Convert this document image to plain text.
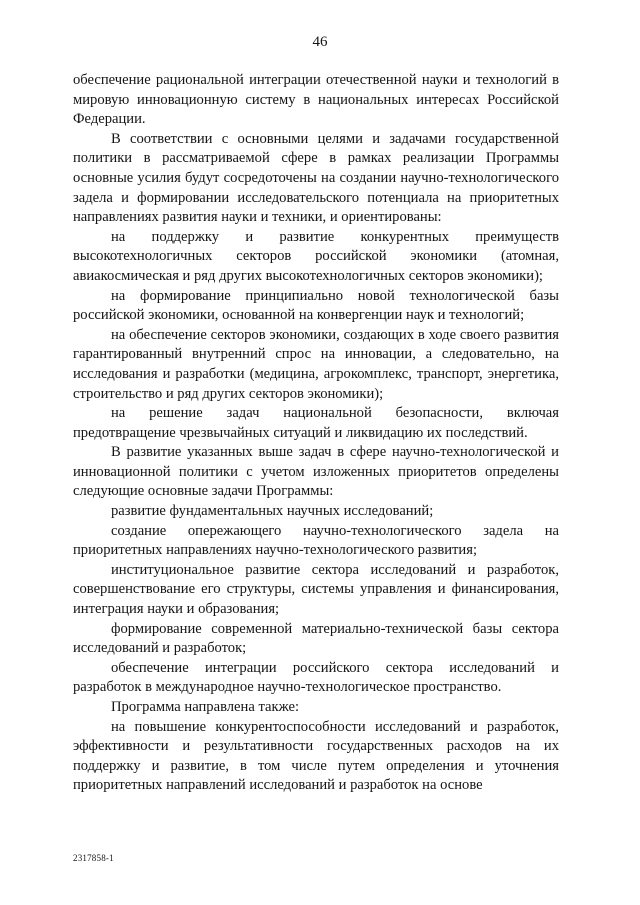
46

обеспечение рациональной интеграции отечественной науки и технологий в мировую инновационную систему в национальных интересах Российской Федерации.

В соответствии с основными целями и задачами государственной политики в рассматриваемой сфере в рамках реализации Программы основные усилия будут сосредоточены на создании научно-технологического задела и формировании исследовательского потенциала на приоритетных направлениях развития науки и техники, и ориентированы:

на поддержку и развитие конкурентных преимуществ высокотехнологичных секторов российской экономики (атомная, авиакосмическая и ряд других высокотехнологичных секторов экономики);

на формирование принципиально новой технологической базы российской экономики, основанной на конвергенции наук и технологий;

на обеспечение секторов экономики, создающих в ходе своего развития гарантированный внутренний спрос на инновации, а следовательно, на исследования и разработки (медицина, агрокомплекс, транспорт, энергетика, строительство и ряд других секторов экономики);

на решение задач национальной безопасности, включая предотвращение чрезвычайных ситуаций и ликвидацию их последствий.

В развитие указанных выше задач в сфере научно-технологической и инновационной политики с учетом изложенных приоритетов определены следующие основные задачи Программы:

развитие фундаментальных научных исследований;

создание опережающего научно-технологического задела на приоритетных направлениях научно-технологического развития;

институциональное развитие сектора исследований и разработок, совершенствование его структуры, системы управления и финансирования, интеграция науки и образования;

формирование современной материально-технической базы сектора исследований и разработок;

обеспечение интеграции российского сектора исследований и разработок в международное научно-технологическое пространство.

Программа направлена также:

на повышение конкурентоспособности исследований и разработок, эффективности и результативности государственных расходов на их поддержку и развитие, в том числе путем определения и уточнения приоритетных направлений исследований и разработок на основе

2317858-1
